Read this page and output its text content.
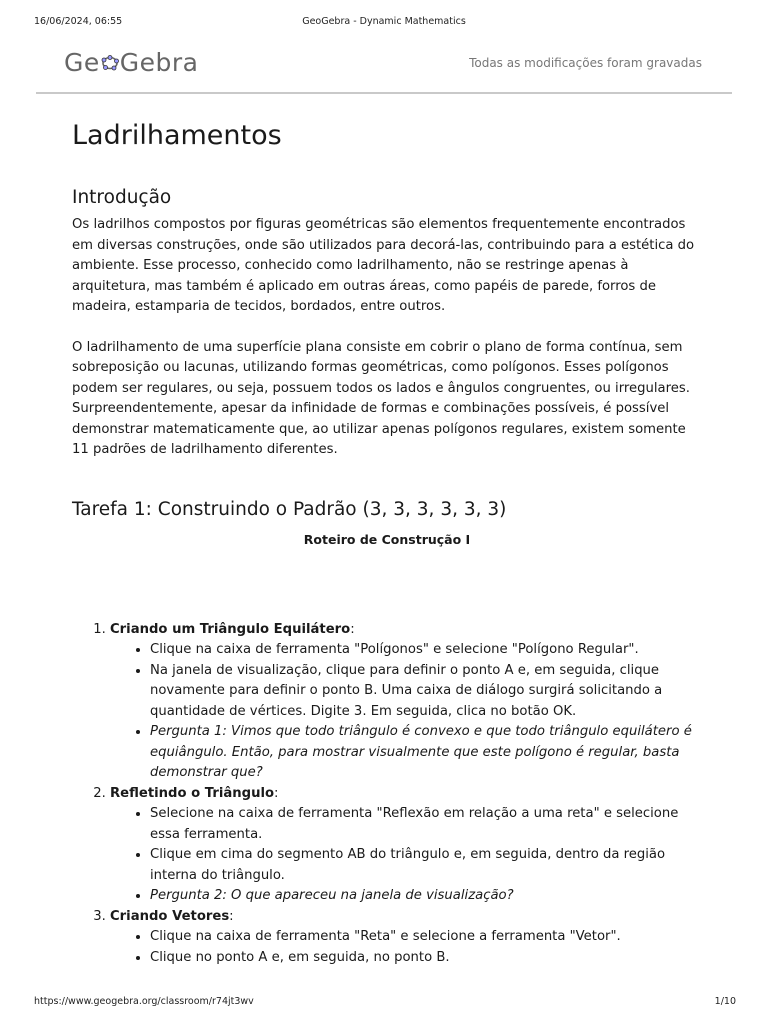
16/06/2024, 06:55	GeoGebra - Dynamic Mathematics
Ge Gebra	Todas as modificações foram gravadas
Ladrilhamentos
Introdução

Os ladrilhos compostos por figuras geométricas são elementos frequentemente encontrados em diversas construções, onde são utilizados para decorá-las, contribuindo para a estética do ambiente. Esse processo, conhecido como ladrilhamento, não se restringe apenas à arquitetura, mas também é aplicado em outras áreas, como papéis de parede, forros de madeira, estamparia de tecidos, bordados, entre outros.

O ladrilhamento de uma superfície plana consiste em cobrir o plano de forma contínua, sem sobreposição ou lacunas, utilizando formas geométricas, como polígonos. Esses polígonos podem ser regulares, ou seja, possuem todos os lados e ângulos congruentes, ou irregulares. Surpreendentemente, apesar da infinidade de formas e combinações possíveis, é possível demonstrar matematicamente que, ao utilizar apenas polígonos regulares, existem somente 11 padrões de ladrilhamento diferentes.

Tarefa 1: Construindo o Padrão (3, 3, 3, 3, 3, 3)
Roteiro de Construção I
1. Criando um Triângulo Equilátero:
• Clique na caixa de ferramenta "Polígonos" e selecione "Polígono Regular".
• Na janela de visualização, clique para definir o ponto A e, em seguida, clique novamente para definir o ponto B. Uma caixa de diálogo surgirá solicitando a quantidade de vértices. Digite 3. Em seguida, clica no botão OK.
• Pergunta 1: Vimos que todo triângulo é convexo e que todo triângulo equilátero é equiângulo. Então, para mostrar visualmente que este polígono é regular, basta demonstrar que?
2. Refletindo o Triângulo:
• Selecione na caixa de ferramenta "Reflexão em relação a uma reta" e selecione essa ferramenta.
• Clique em cima do segmento AB do triângulo e, em seguida, dentro da região interna do triângulo.
• Pergunta 2: O que apareceu na janela de visualização?
3. Criando Vetores:
• Clique na caixa de ferramenta "Reta" e selecione a ferramenta "Vetor".
• Clique no ponto A e, em seguida, no ponto B.
https://www.geogebra.org/classroom/r74jt3wv	1/10
